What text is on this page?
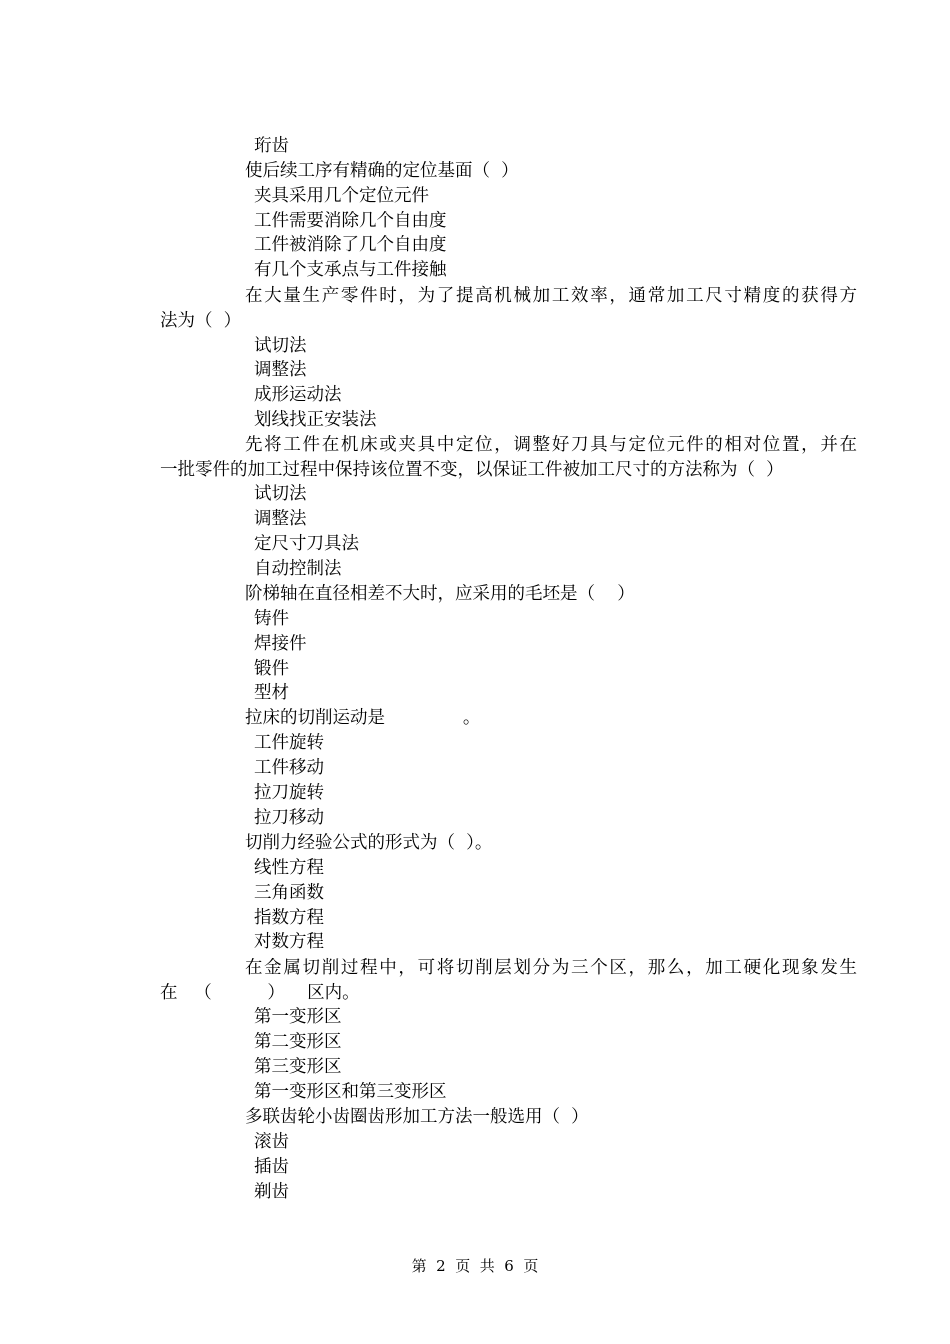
珩齿
使后续工序有精确的定位基面（  ）
夹具采用几个定位元件
工件需要消除几个自由度
工件被消除了几个自由度
有几个支承点与工件接触
在大量生产零件时，为了提高机械加工效率，通常加工尺寸精度的获得方
法为（  ）
试切法
调整法
成形运动法
划线找正安装法
先将工件在机床或夹具中定位，调整好刀具与定位元件的相对位置，并在
一批零件的加工过程中保持该位置不变，以保证工件被加工尺寸的方法称为（  ）
试切法
调整法
定尺寸刀具法
自动控制法
阶梯轴在直径相差不大时，应采用的毛坯是（    ）
铸件
焊接件
锻件
型材
拉床的切削运动是              。
工件旋转
工件移动
拉刀旋转
拉刀移动
切削力经验公式的形式为（  ）。
线性方程
三角函数
指数方程
对数方程
在金属切削过程中，可将切削层划分为三个区，那么，加工硬化现象发生
在   （          ）    区内。
第一变形区
第二变形区
第三变形区
第一变形区和第三变形区
多联齿轮小齿圈齿形加工方法一般选用（  ）
滚齿
插齿
剃齿
第  2  页  共  6  页
